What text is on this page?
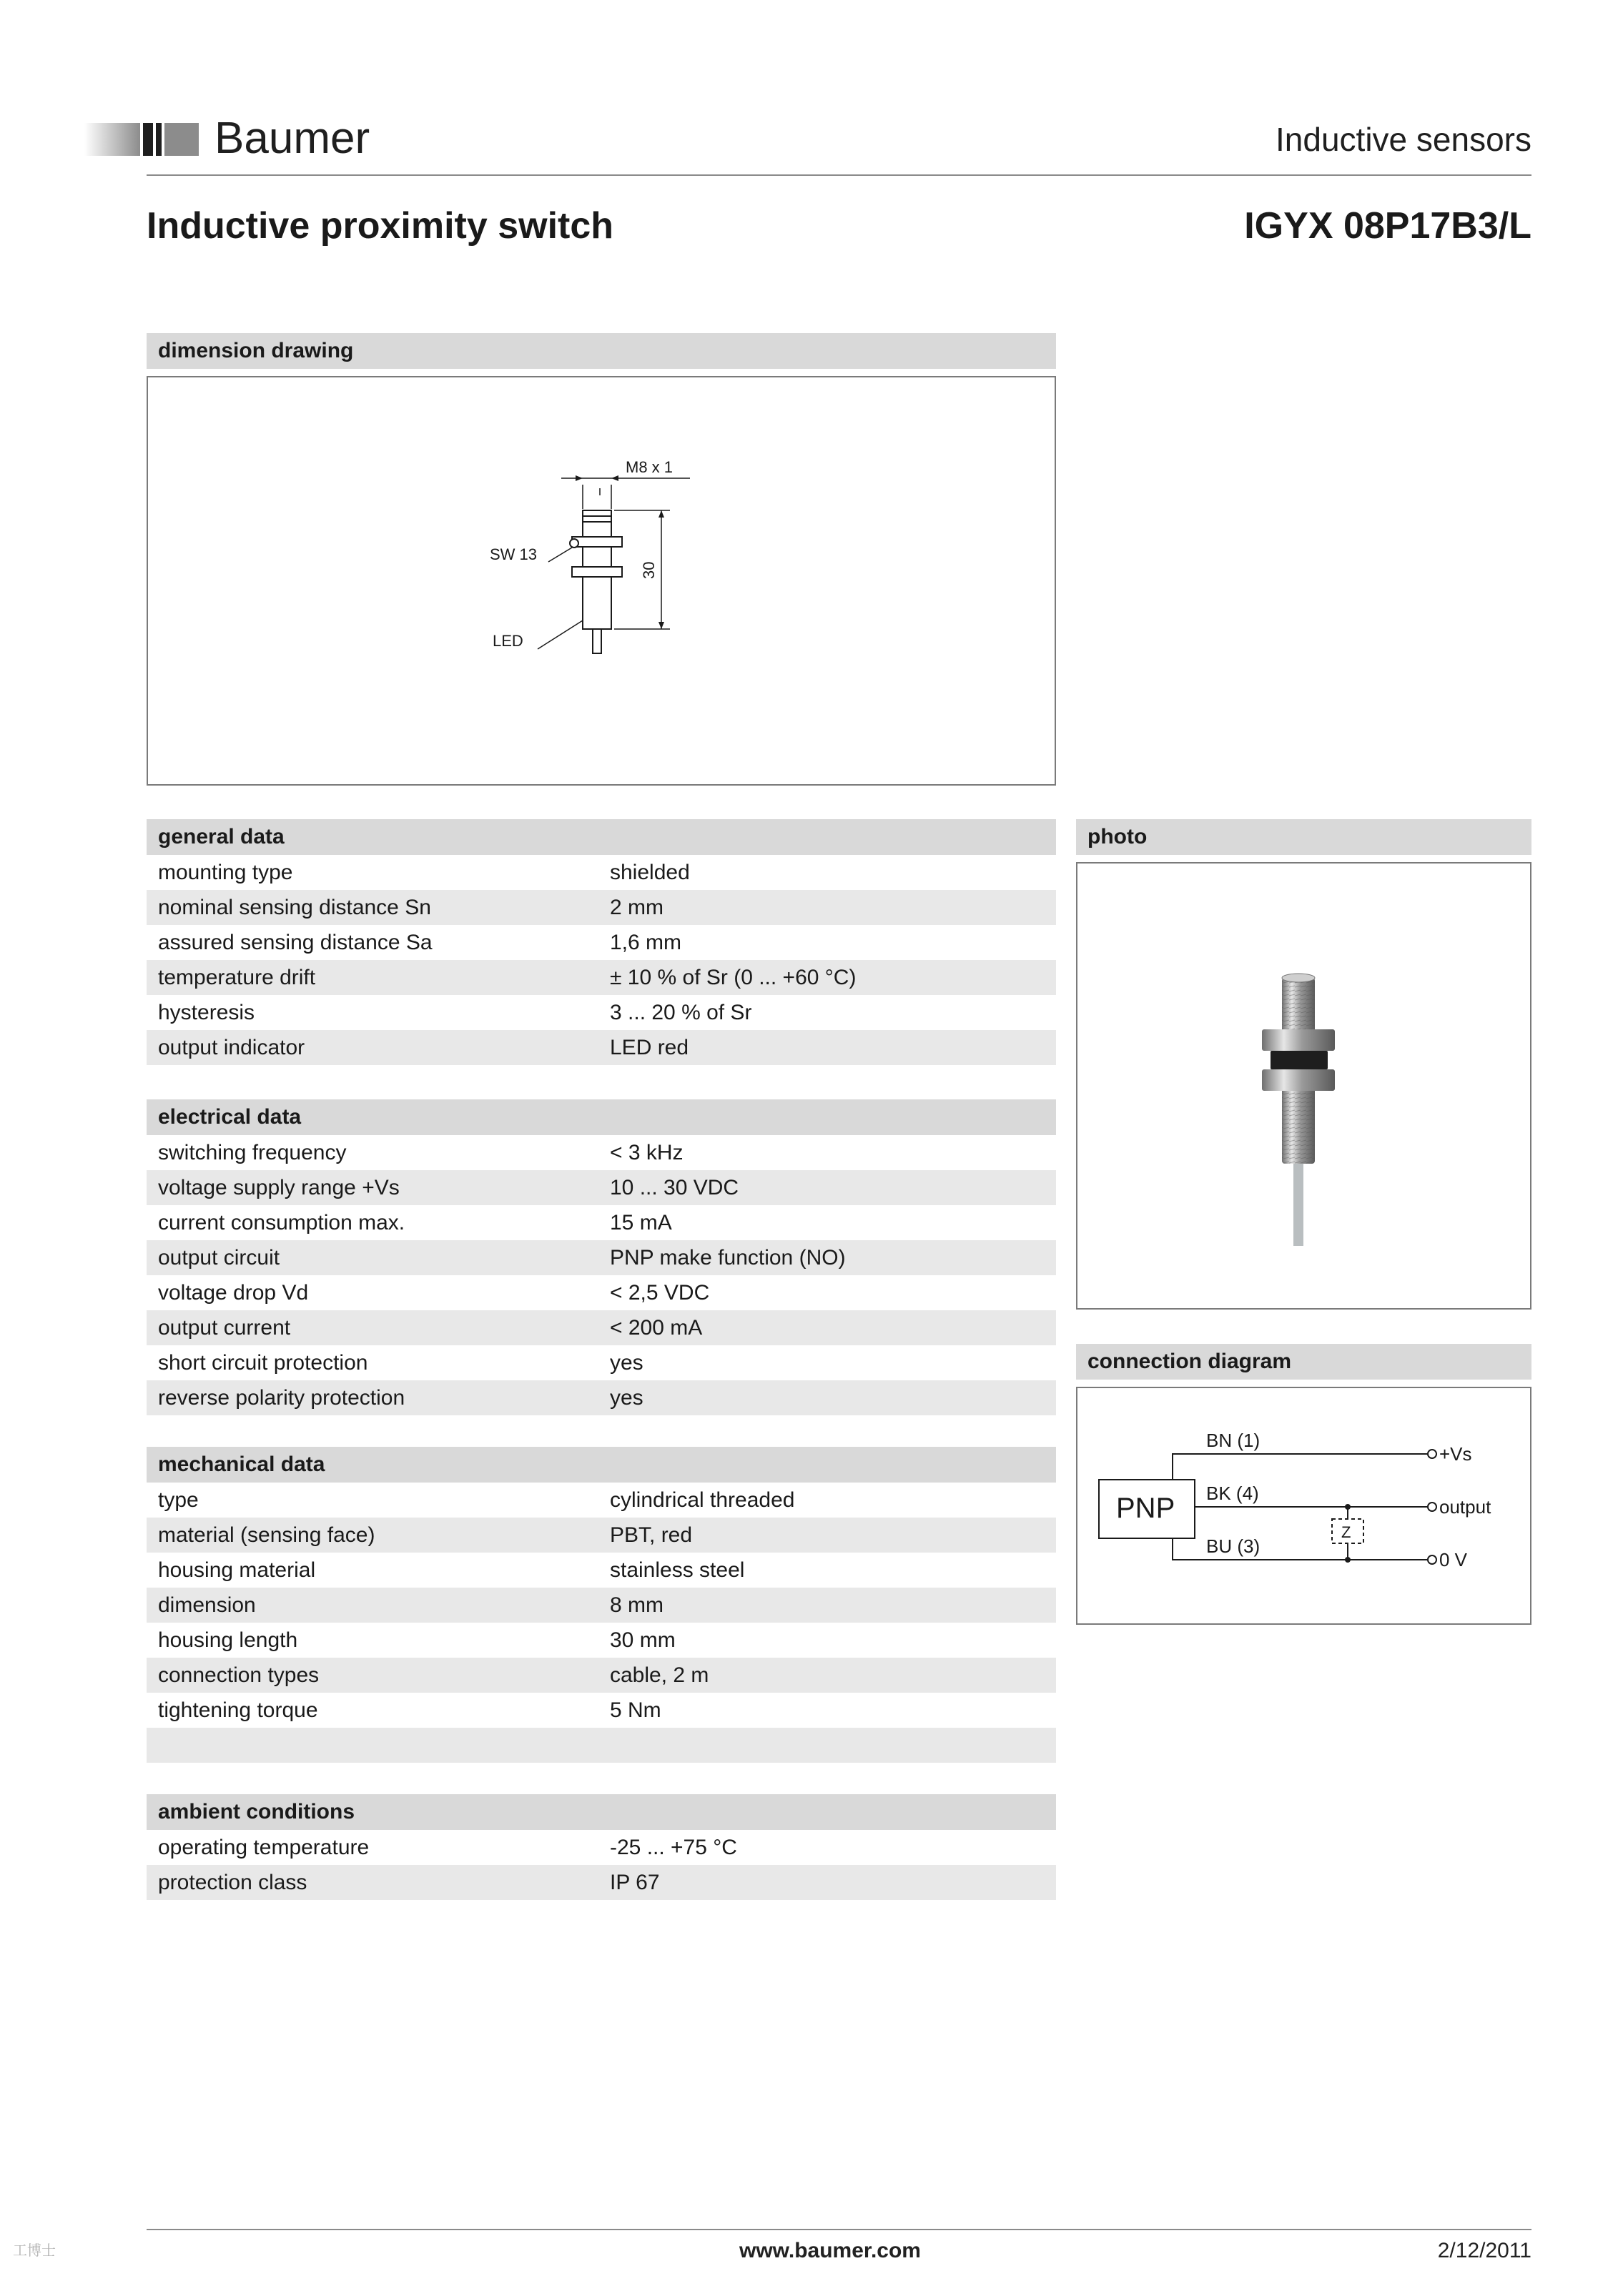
Baumer	Inductive sensors
Inductive proximity switch	IGYX 08P17B3/L
dimension drawing
M8 x 1
SW 13
30
LED
general data
mounting type	shielded
nominal sensing distance Sn	2 mm
assured sensing distance Sa	1,6 mm
temperature drift	± 10 % of Sr (0 ... +60 °C)
hysteresis	3 ... 20 % of Sr
output indicator	LED red
electrical data
switching frequency	< 3 kHz
voltage supply range +Vs	10 ... 30 VDC
current consumption max.	15 mA
output circuit	PNP make function (NO)
voltage drop Vd	< 2,5 VDC
output current	< 200 mA
short circuit protection	yes
reverse polarity protection	yes
mechanical data
type	cylindrical threaded
material (sensing face)	PBT, red
housing material	stainless steel
dimension	8 mm
housing length	30 mm
connection types	cable, 2 m
tightening torque	5 Nm
ambient conditions
operating temperature	-25 ... +75 °C
protection class	IP 67
photo
connection diagram
PNP
BN (1)
BK (4)
BU (3)
Z
+Vs
output
0 V
www.baumer.com	2/12/2011
工博士
